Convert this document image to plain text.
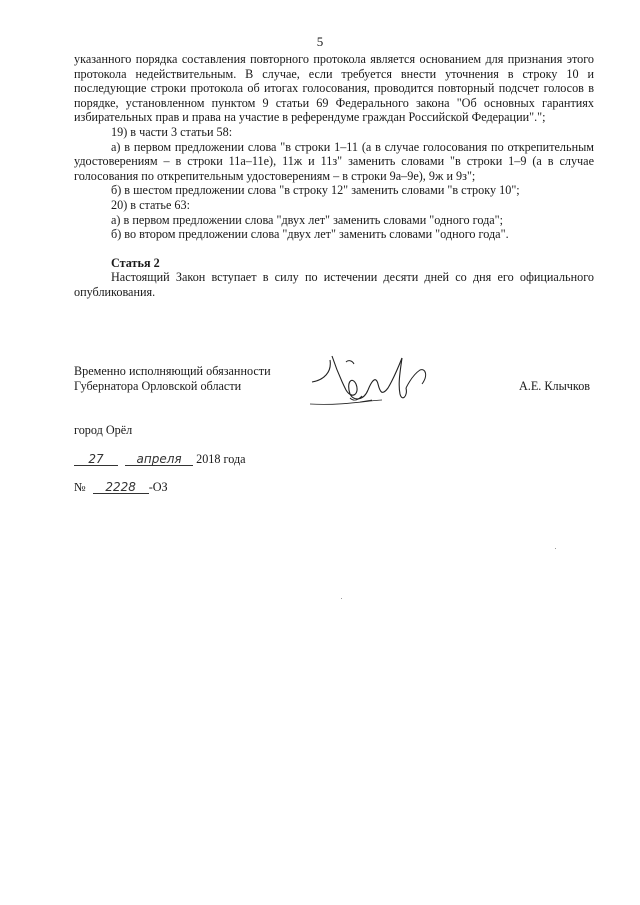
5

указанного порядка составления повторного протокола является основанием для признания этого протокола недействительным. В случае, если требуется внести уточнения в строку 10 и последующие строки протокола об итогах голосования, проводится повторный подсчет голосов в порядке, установленном пунктом 9 статьи 69 Федерального закона "Об основных гарантиях избирательных прав и права на участие в референдуме граждан Российской Федерации".";

19) в части 3 статьи 58:

а) в первом предложении слова "в строки 1–11 (а в случае голосования по открепительным удостоверениям – в строки 11а–11е), 11ж и 11з" заменить словами "в строки 1–9 (а в случае голосования по открепительным удостоверениям – в строки 9а–9е), 9ж и 9з";

б) в шестом предложении слова "в строку 12" заменить словами "в строку 10";

20) в статье 63:

а) в первом предложении слова "двух лет" заменить словами "одного года";

б) во втором предложении слова "двух лет" заменить словами "одного года".

Статья 2

Настоящий Закон вступает в силу по истечении десяти дней со дня его официального опубликования.

Временно исполняющий обязанности
Губернатора Орловской области	А.Е. Клычков
город Орёл
27	апреля 2018 года
№ 2228 -ОЗ
